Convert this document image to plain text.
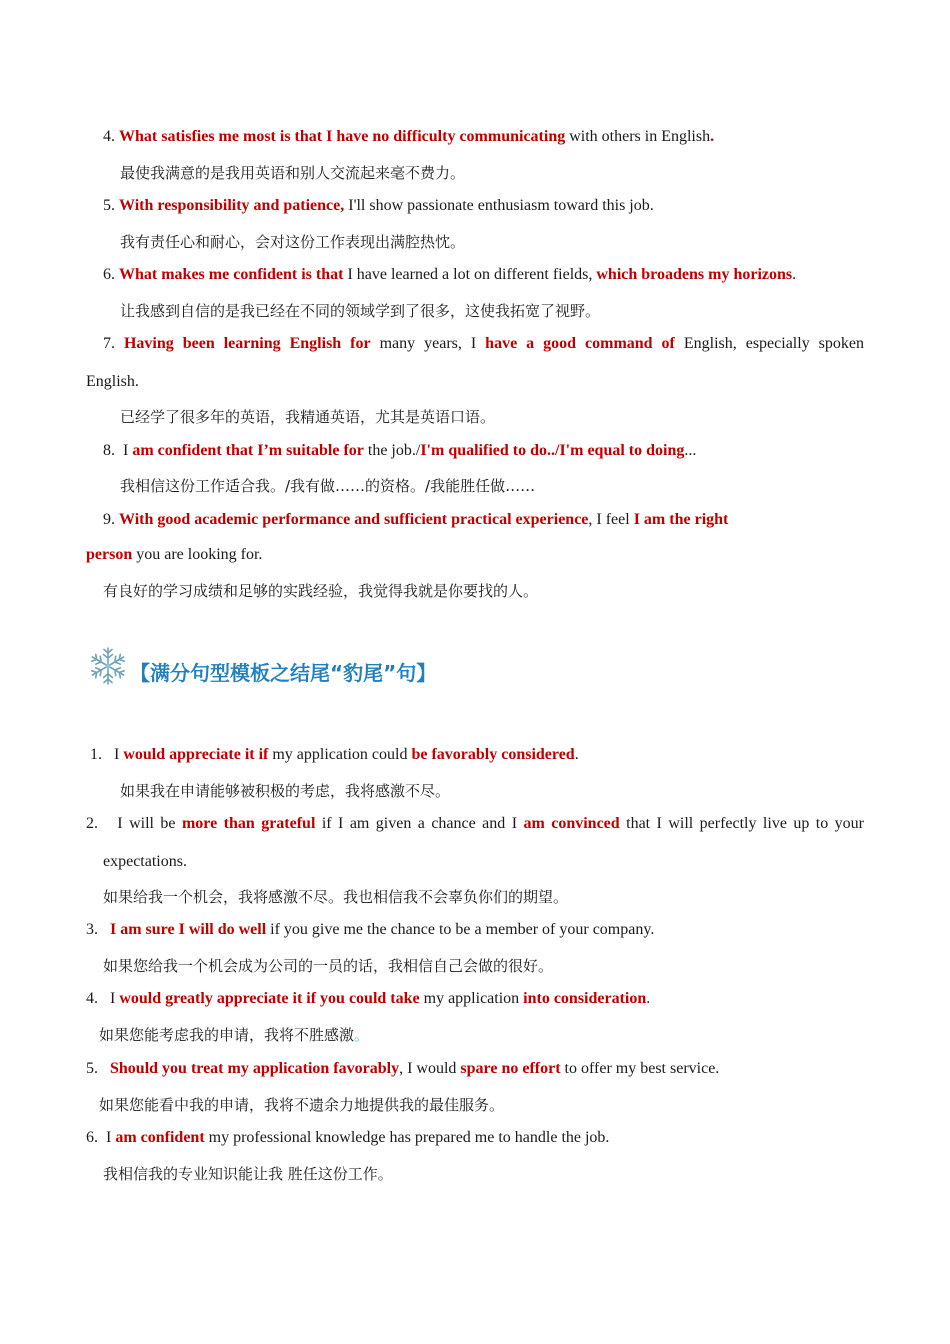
4. What satisfies me most is that I have no difficulty communicating with others in English.
最使我满意的是我用英语和别人交流起来毫不费力。
5. With responsibility and patience, I'll show passionate enthusiasm toward this job.
我有责任心和耐心，会对这份工作表现出满腔热忱。
6. What makes me confident is that I have learned a lot on different fields, which broadens my horizons.
让我感到自信的是我已经在不同的领域学到了很多，这使我拓宽了视野。
7. Having been learning English for many years, I have a good command of English, especially spoken
English.
已经学了很多年的英语，我精通英语，尤其是英语口语。
8.  I am confident that I’m suitable for the job./I'm qualified to do../I'm equal to doing...
我相信这份工作适合我。/我有做……的资格。/我能胜任做……
9. With good academic performance and sufficient practical experience, I feel I am the right
person you are looking for.
有良好的学习成绩和足够的实践经验，我觉得我就是你要找的人。
【满分句型模板之结尾“豹尾”句】
1.   I would appreciate it if my application could be favorably considered.
如果我在申请能够被积极的考虑，我将感激不尽。
2.   I will be more than grateful if I am given a chance and I am convinced that I will perfectly live up to your
expectations.
如果给我一个机会，我将感激不尽。我也相信我不会辜负你们的期望。
3.   I am sure I will do well if you give me the chance to be a member of your company.
如果您给我一个机会成为公司的一员的话，我相信自己会做的很好。
4.   I would greatly appreciate it if you could take my application into consideration.
如果您能考虑我的申请，我将不胜感激。
5.   Should you treat my application favorably, I would spare no effort to offer my best service.
如果您能看中我的申请，我将不遗余力地提供我的最佳服务。
6.  I am confident my professional knowledge has prepared me to handle the job.
我相信我的专业知识能让我 胜任这份工作。
